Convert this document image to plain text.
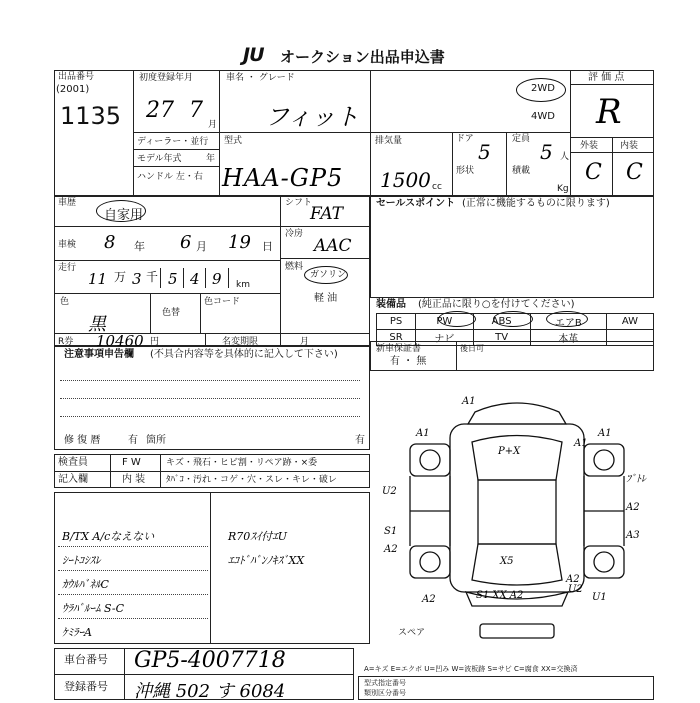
JU オークション出品申込書
出品番号
(2001)
1135
初度登録年月
27 7
月
車名 ・ グレード
フィット
2WD
4WD
評 価 点
R
外装 内装
C C
ディーラー・並行
モデル年式	年
ハンドル 左・右
型式
HAA-GP5
排気量
1500 cc
ドア
5
形状
定員
5 人
積載
Kg
車歴
自家用
シフト
FAT
冷房
AAC
燃料
ガソリン
軽 油
車検 8 年 6 月 19 日
走行
11 万 3 千 5 4 9 km
色
黒
色替
色コード
R券 10460 円	名変期限	月
セールスポイント (正常に機能するものに限ります)
装備品 (純正品に限り○を付けてください)
PS	PW	ABS	エアB	AW
SR	ナビ	TV	本革	
新車保証書
有 ・ 無
後日可
注意事項申告欄 (不具合内容等を具体的に記入して下さい)
修 復 暦	有 箇所	有
検査員	F W	キズ・飛石・ヒビ割・リペア跡・×委
記入欄	内 装 ﾀﾊﾞｺ・汚れ・コゲ・穴・スレ・キレ・破レ
B/TX A/cなえない	R70ｽｲ付ｴU
ｼｰﾄｺｼｽﾚ	ｴｺﾄﾞﾊﾞﾝﾉｷｽﾞXX
ｶｳﾙﾊﾞﾈﾙC
ｳﾗﾊﾞﾙｰﾑ S-C
ｹﾐﾗｰA
A1
A1	A1
A1
U2
P+X
ﾌﾞﾄﾚ
A2
A3
S1
A2
X5
A2
A2
U2
U1
S1 XX A2
スペア
車台番号 GP5-4007718
登録番号 沖縄 502 す 6084
A=キズ E=エクボ U=凹み W=波板跡 S=サビ C=腐食 XX=交換済
型式指定番号
類別区分番号
